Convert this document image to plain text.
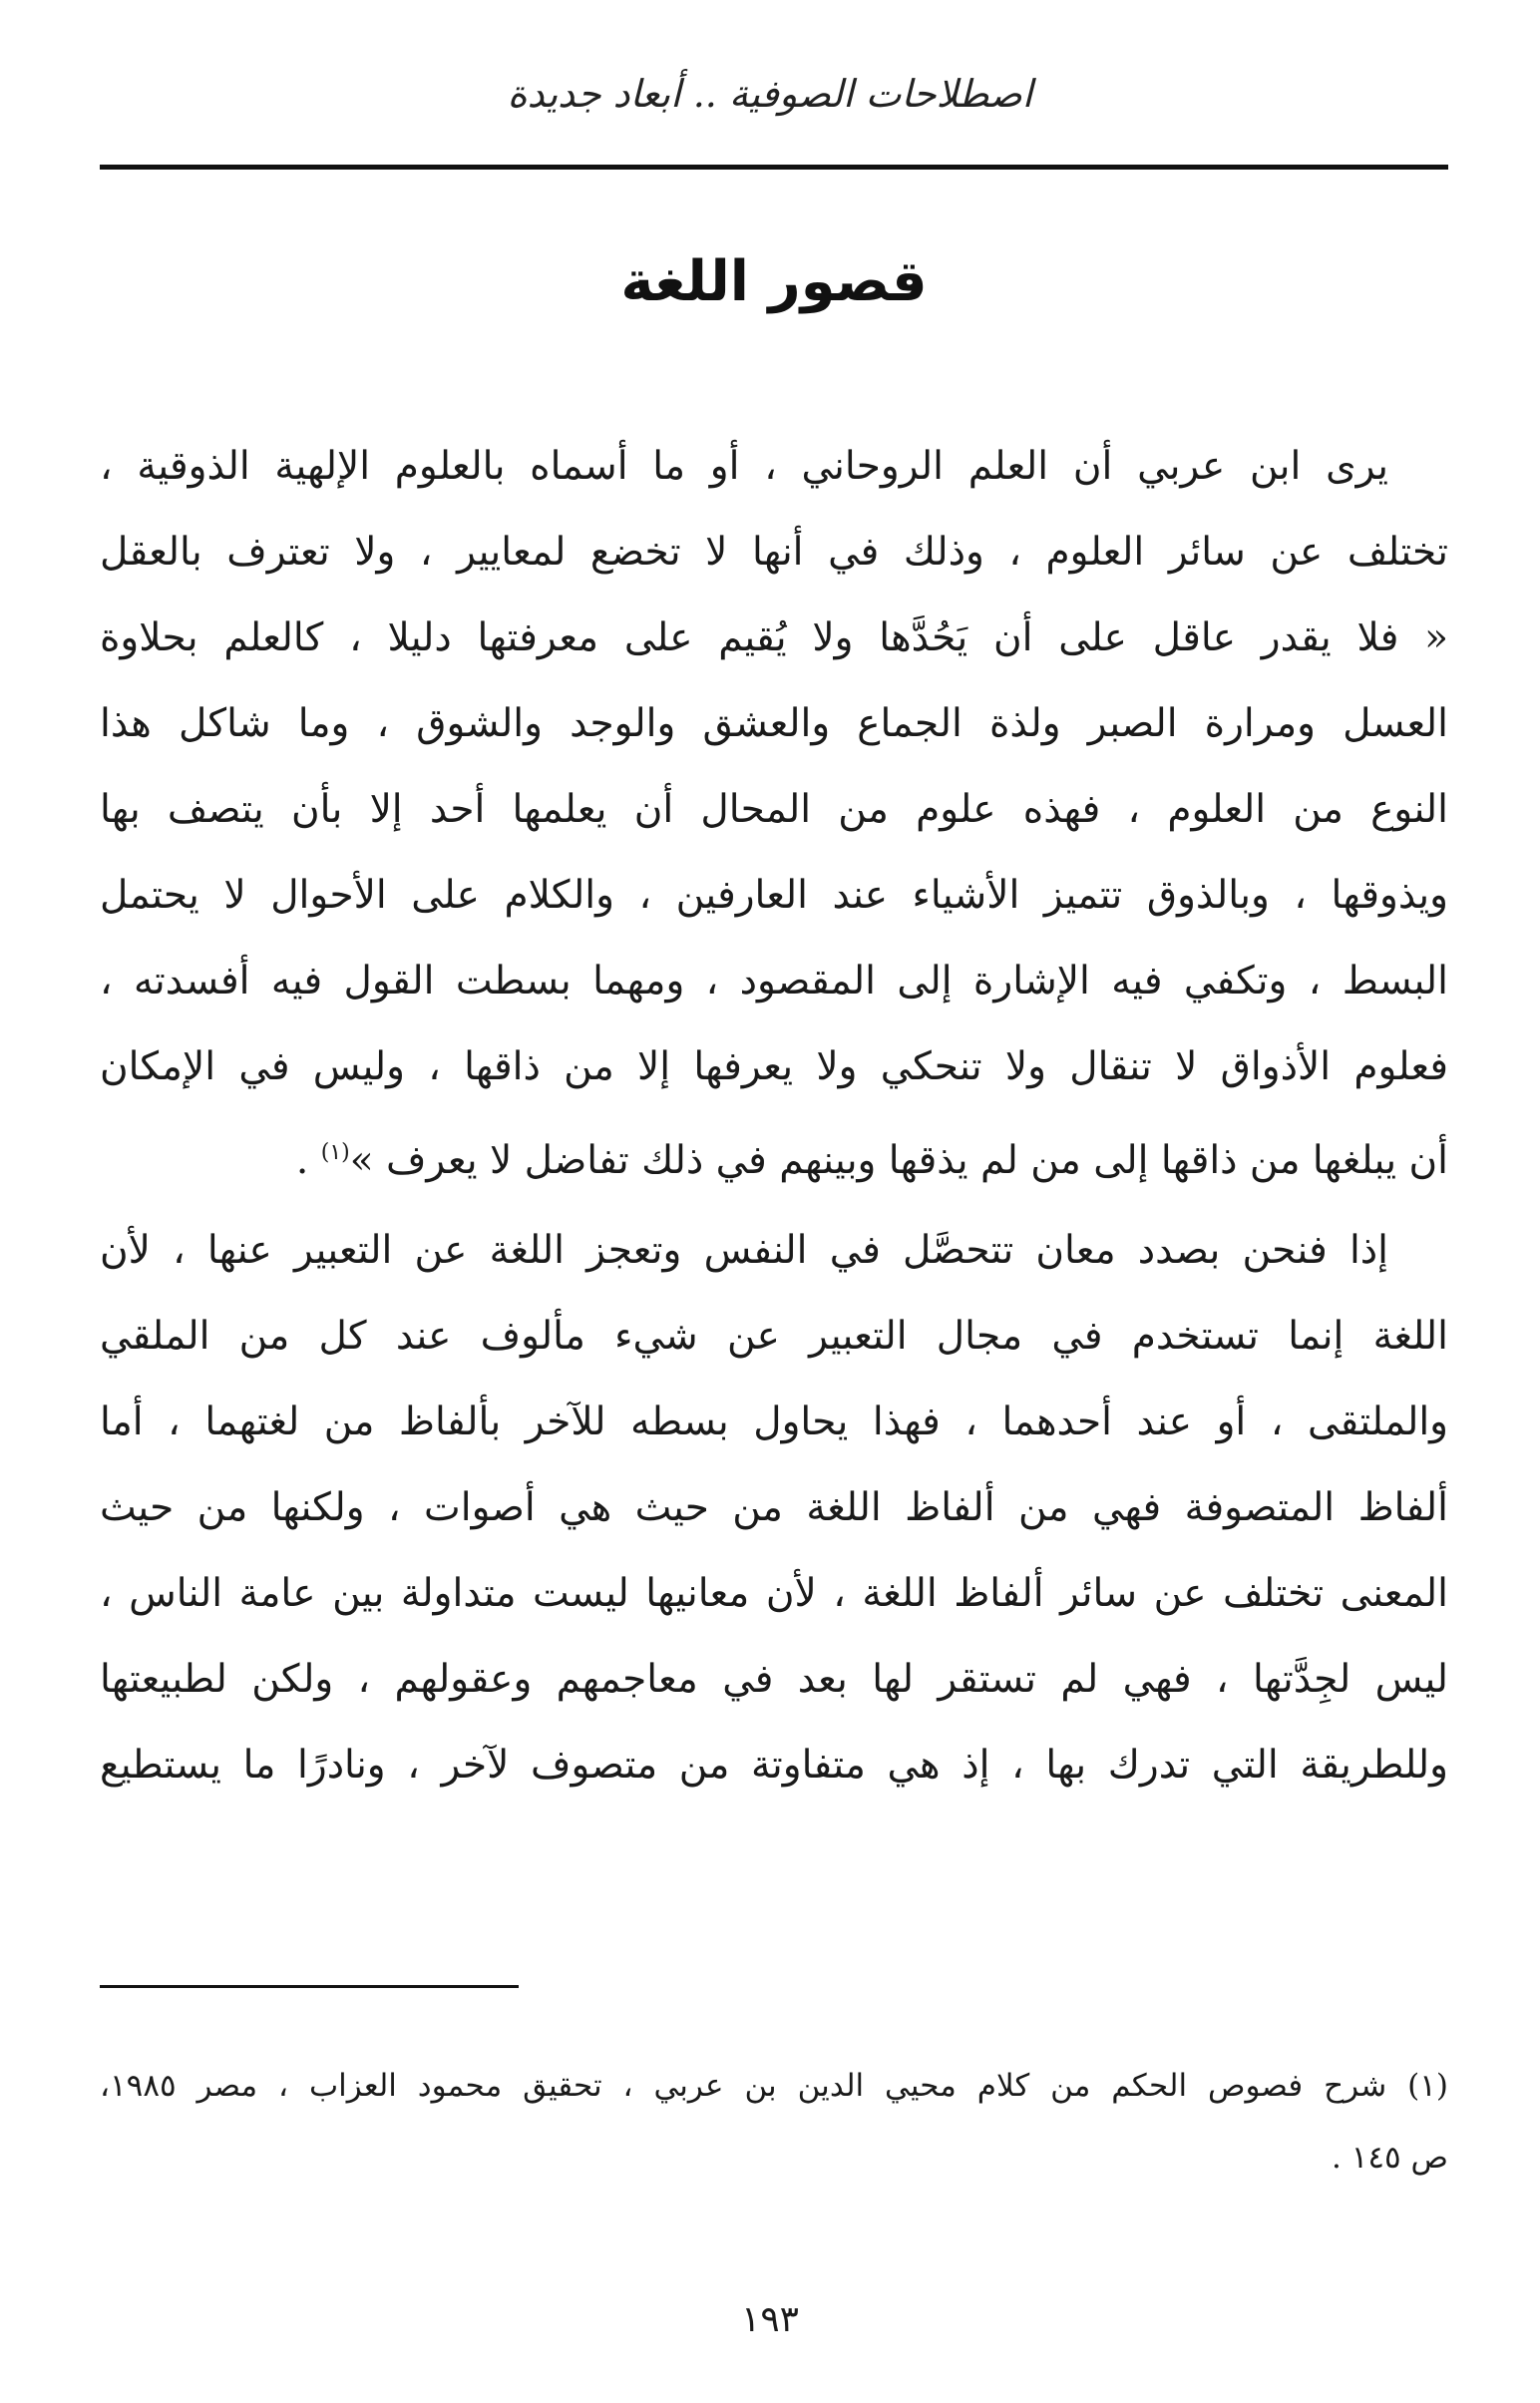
اصطلاحات الصوفية .. أبعاد جديدة
قصور اللغة
يرى ابن عربي أن العلم الروحاني ، أو ما أسماه بالعلوم الإلهية الذوقية ،
تختلف عن سائر العلوم ، وذلك في أنها لا تخضع لمعايير ، ولا تعترف بالعقل
« فلا يقدر عاقل على أن يَحُدَّها ولا يُقيم على معرفتها دليلا ، كالعلم بحلاوة
العسل ومرارة الصبر ولذة الجماع والعشق والوجد والشوق ، وما شاكل هذا
النوع من العلوم ، فهذه علوم من المحال أن يعلمها أحد إلا بأن يتصف بها
ويذوقها ، وبالذوق تتميز الأشياء عند العارفين ، والكلام على الأحوال لا يحتمل
البسط ، وتكفي فيه الإشارة إلى المقصود ، ومهما بسطت القول فيه أفسدته ،
فعلوم الأذواق لا تنقال ولا تنحكي ولا يعرفها إلا من ذاقها ، وليس في الإمكان
أن يبلغها من ذاقها إلى من لم يذقها وبينهم في ذلك تفاضل لا يعرف »$^{(١)}$ .
إذا فنحن بصدد معان تتحصَّل في النفس وتعجز اللغة عن التعبير عنها ، لأن
اللغة إنما تستخدم في مجال التعبير عن شيء مألوف عند كل من الملقي
والملتقى ، أو عند أحدهما ، فهذا يحاول بسطه للآخر بألفاظ من لغتهما ، أما
ألفاظ المتصوفة فهي من ألفاظ اللغة من حيث هي أصوات ، ولكنها من حيث
المعنى تختلف عن سائر ألفاظ اللغة ، لأن معانيها ليست متداولة بين عامة الناس ،
ليس لجِدَّتها ، فهي لم تستقر لها بعد في معاجمهم وعقولهم ، ولكن لطبيعتها
وللطريقة التي تدرك بها ، إذ هي متفاوتة من متصوف لآخر ، ونادرًا ما يستطيع
(١) شرح فصوص الحكم من كلام محيي الدين بن عربي ، تحقيق محمود العزاب ، مصر ١٩٨٥،
ص ١٤٥ .
١٩٣
